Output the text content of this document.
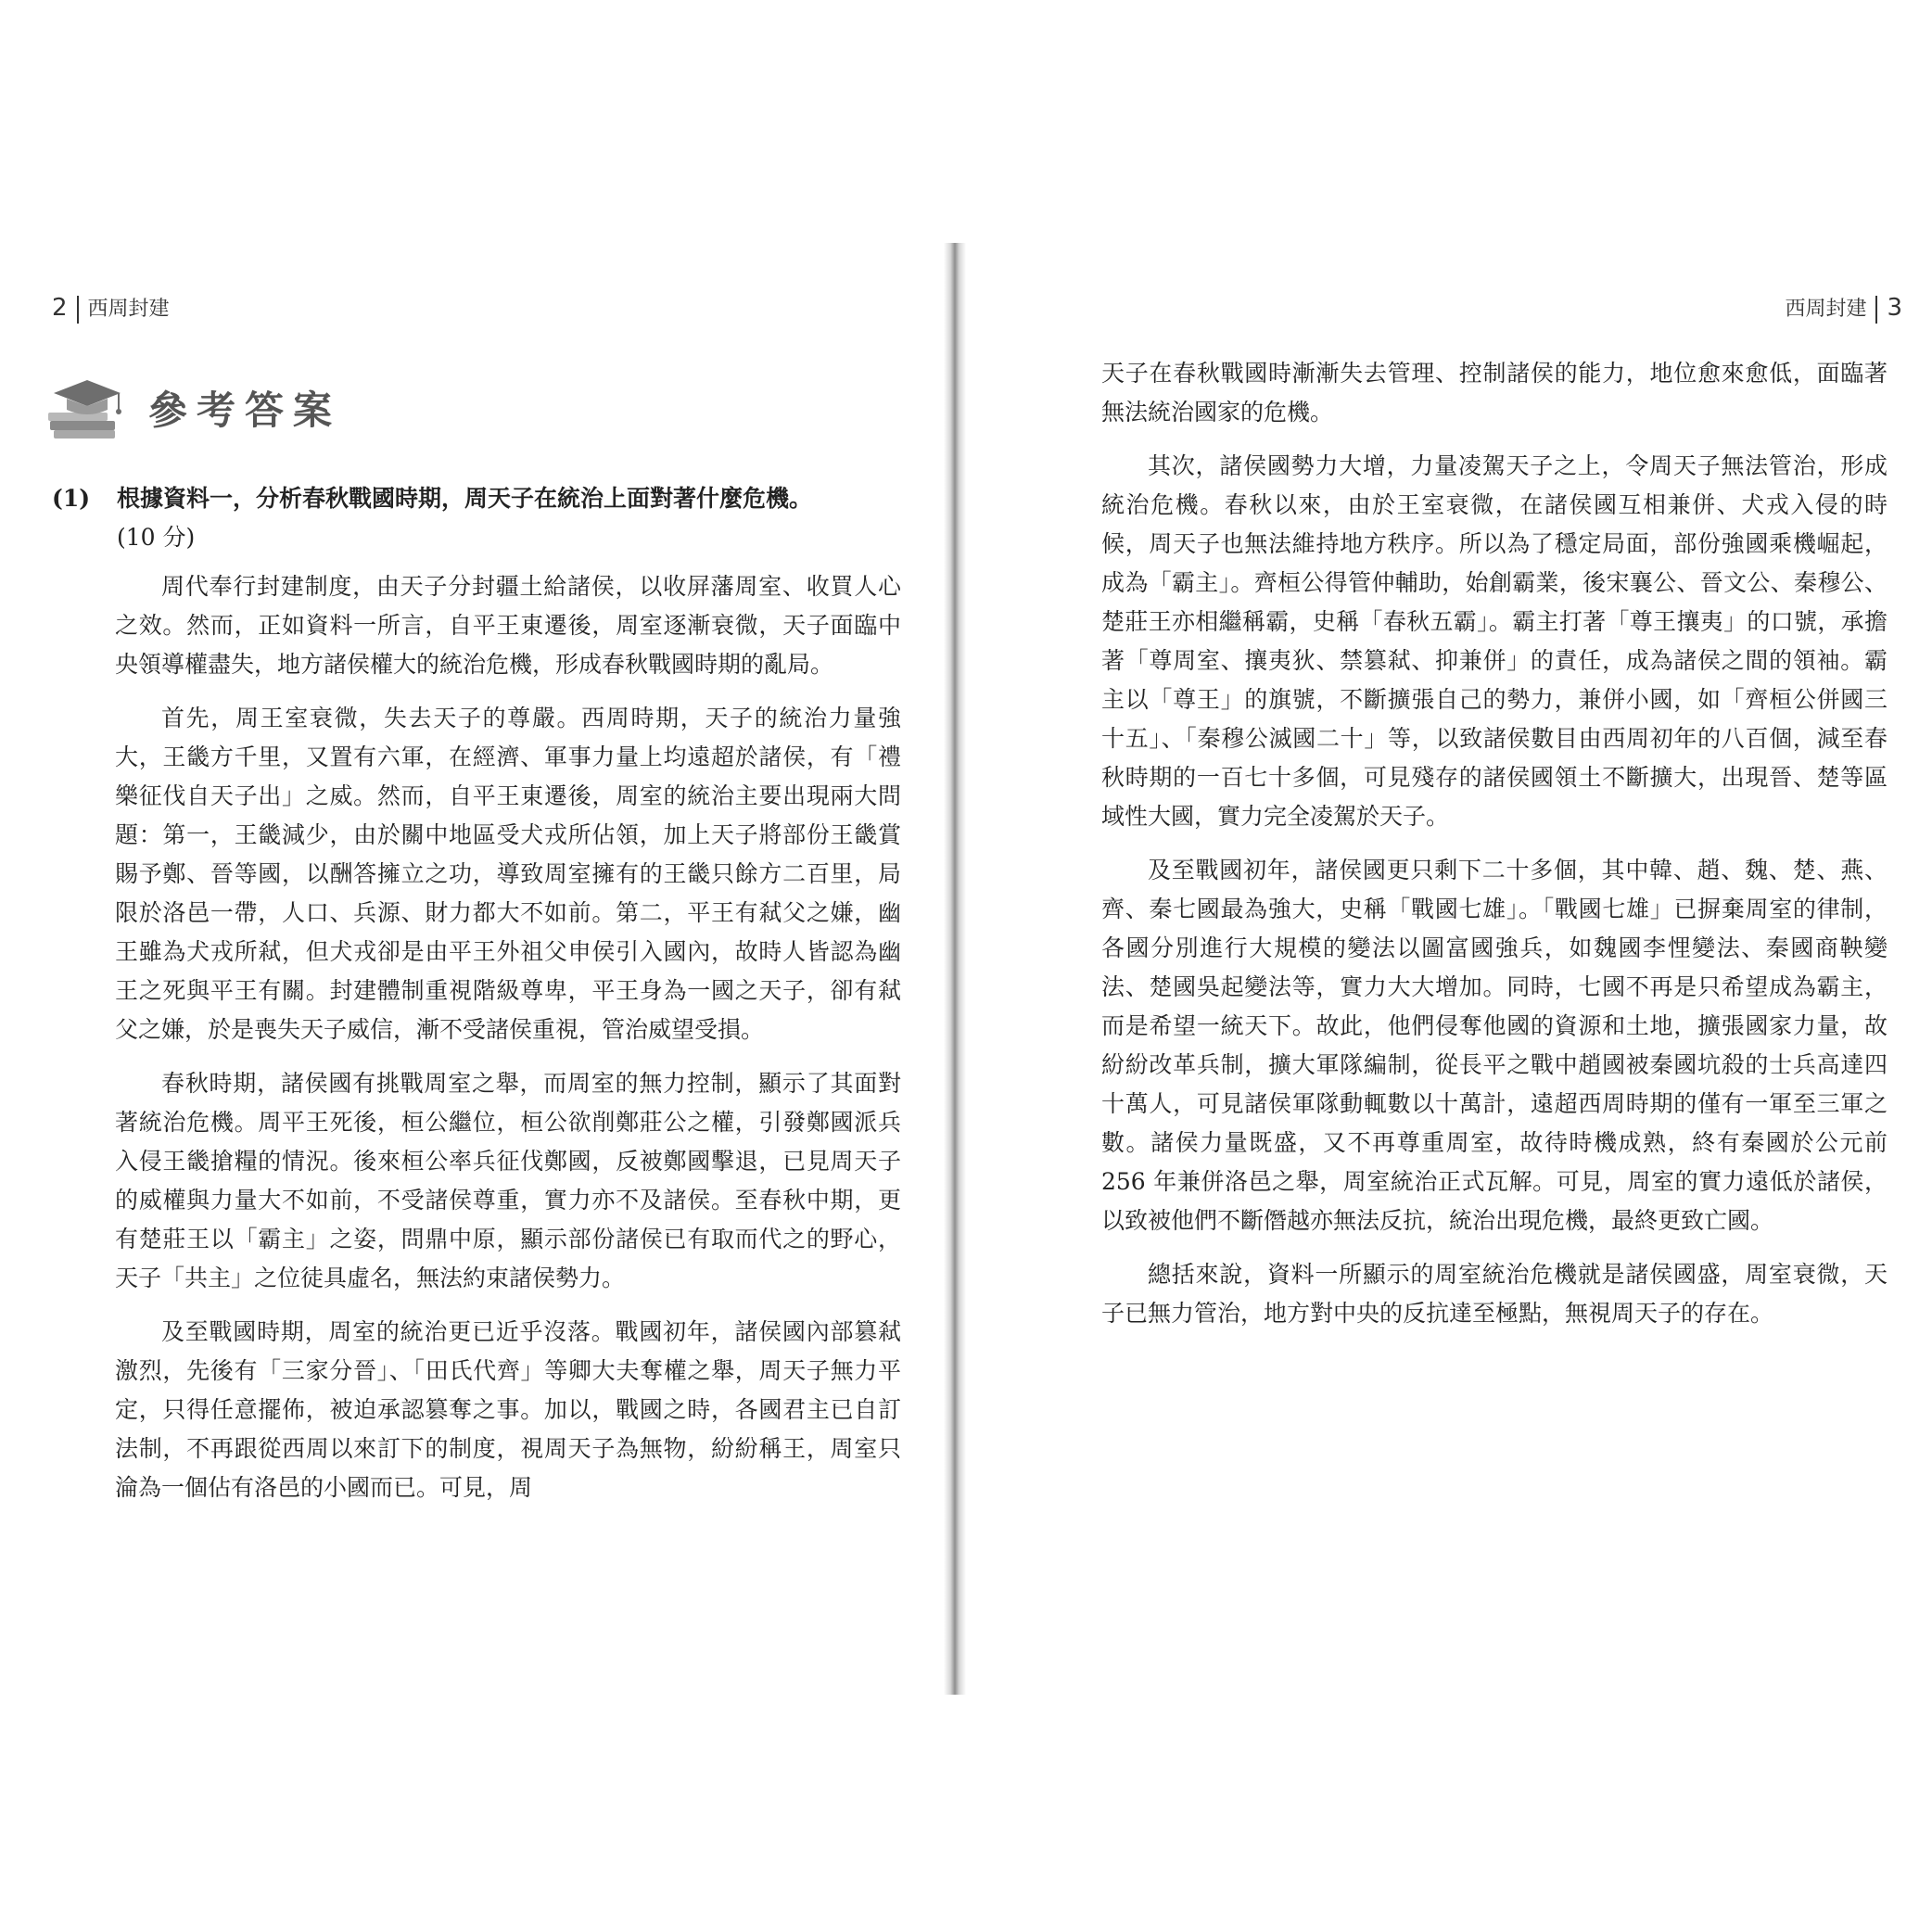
2 西周封建
參考答案
(1)	根據資料一，分析春秋戰國時期，周天子在統治上面對著什麼危機。
(10 分)

周代奉行封建制度，由天子分封疆土給諸侯，以收屏藩周室、收買人心之效。然而，正如資料一所言，自平王東遷後，周室逐漸衰微，天子面臨中央領導權盡失，地方諸侯權大的統治危機，形成春秋戰國時期的亂局。

首先，周王室衰微，失去天子的尊嚴。西周時期，天子的統治力量強大，王畿方千里，又置有六軍，在經濟、軍事力量上均遠超於諸侯，有「禮樂征伐自天子出」之威。然而，自平王東遷後，周室的統治主要出現兩大問題：第一，王畿減少，由於關中地區受犬戎所佔領，加上天子將部份王畿賞賜予鄭、晉等國，以酬答擁立之功，導致周室擁有的王畿只餘方二百里，局限於洛邑一帶，人口、兵源、財力都大不如前。第二，平王有弒父之嫌，幽王雖為犬戎所弒，但犬戎卻是由平王外祖父申侯引入國內，故時人皆認為幽王之死與平王有關。封建體制重視階級尊卑，平王身為一國之天子，卻有弒父之嫌，於是喪失天子威信，漸不受諸侯重視，管治威望受損。

春秋時期，諸侯國有挑戰周室之舉，而周室的無力控制，顯示了其面對著統治危機。周平王死後，桓公繼位，桓公欲削鄭莊公之權，引發鄭國派兵入侵王畿搶糧的情況。後來桓公率兵征伐鄭國，反被鄭國擊退，已見周天子的威權與力量大不如前，不受諸侯尊重，實力亦不及諸侯。至春秋中期，更有楚莊王以「霸主」之姿，問鼎中原，顯示部份諸侯已有取而代之的野心，天子「共主」之位徒具虛名，無法約束諸侯勢力。

及至戰國時期，周室的統治更已近乎沒落。戰國初年，諸侯國內部篡弒激烈，先後有「三家分晉」、「田氏代齊」等卿大夫奪權之舉，周天子無力平定，只得任意擺佈，被迫承認篡奪之事。加以，戰國之時，各國君主已自訂法制，不再跟從西周以來訂下的制度，視周天子為無物，紛紛稱王，周室只淪為一個佔有洛邑的小國而已。可見，周

西周封建 3

天子在春秋戰國時漸漸失去管理、控制諸侯的能力，地位愈來愈低，面臨著無法統治國家的危機。

其次，諸侯國勢力大增，力量凌駕天子之上，令周天子無法管治，形成統治危機。春秋以來，由於王室衰微，在諸侯國互相兼併、犬戎入侵的時候，周天子也無法維持地方秩序。所以為了穩定局面，部份強國乘機崛起，成為「霸主」。齊桓公得管仲輔助，始創霸業，後宋襄公、晉文公、秦穆公、楚莊王亦相繼稱霸，史稱「春秋五霸」。霸主打著「尊王攘夷」的口號，承擔著「尊周室、攘夷狄、禁篡弒、抑兼併」的責任，成為諸侯之間的領袖。霸主以「尊王」的旗號，不斷擴張自己的勢力，兼併小國，如「齊桓公併國三十五」、「秦穆公滅國二十」等，以致諸侯數目由西周初年的八百個，減至春秋時期的一百七十多個，可見殘存的諸侯國領土不斷擴大，出現晉、楚等區域性大國，實力完全凌駕於天子。

及至戰國初年，諸侯國更只剩下二十多個，其中韓、趙、魏、楚、燕、齊、秦七國最為強大，史稱「戰國七雄」。「戰國七雄」已摒棄周室的律制，各國分別進行大規模的變法以圖富國強兵，如魏國李悝變法、秦國商鞅變法、楚國吳起變法等，實力大大增加。同時，七國不再是只希望成為霸主，而是希望一統天下。故此，他們侵奪他國的資源和土地，擴張國家力量，故紛紛改革兵制，擴大軍隊編制，從長平之戰中趙國被秦國坑殺的士兵高達四十萬人，可見諸侯軍隊動輒數以十萬計，遠超西周時期的僅有一軍至三軍之數。諸侯力量既盛，又不再尊重周室，故待時機成熟，終有秦國於公元前 256 年兼併洛邑之舉，周室統治正式瓦解。可見，周室的實力遠低於諸侯，以致被他們不斷僭越亦無法反抗，統治出現危機，最終更致亡國。

總括來說，資料一所顯示的周室統治危機就是諸侯國盛，周室衰微，天子已無力管治，地方對中央的反抗達至極點，無視周天子的存在。
